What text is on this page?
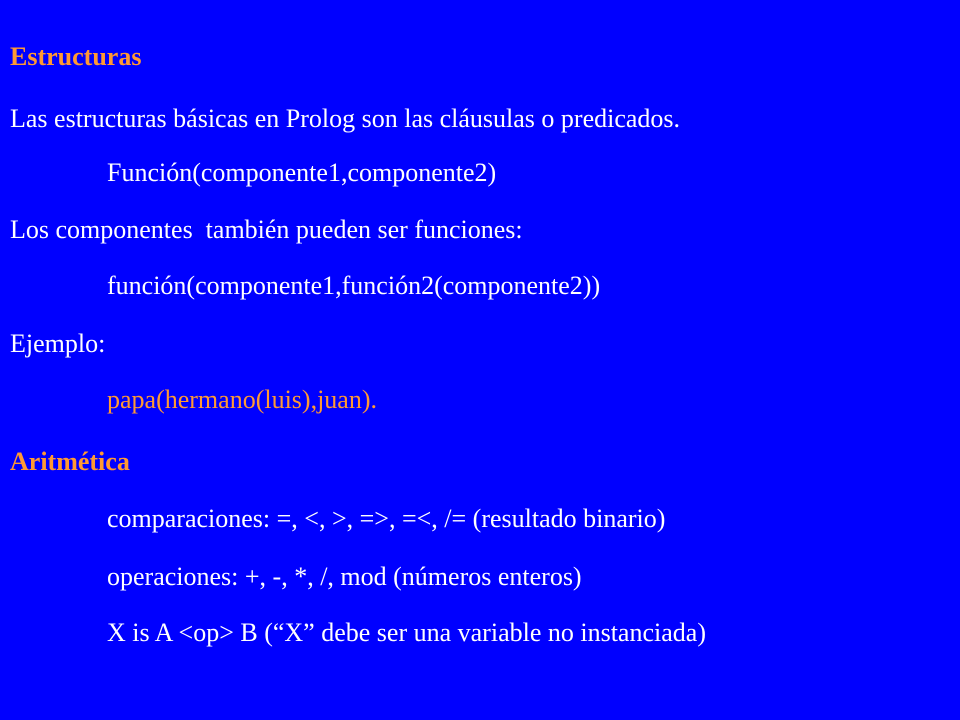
Estructuras
Las estructuras básicas en Prolog son las cláusulas o predicados.
Función(componente1,componente2)
Los componentes  también pueden ser funciones:
función(componente1,función2(componente2))
Ejemplo:
papa(hermano(luis),juan).
Aritmética
comparaciones: =, <, >, =>, =<, /= (resultado binario)
operaciones: +, -, *, /, mod (números enteros)
X is A <op> B (“X” debe ser una variable no instanciada)
